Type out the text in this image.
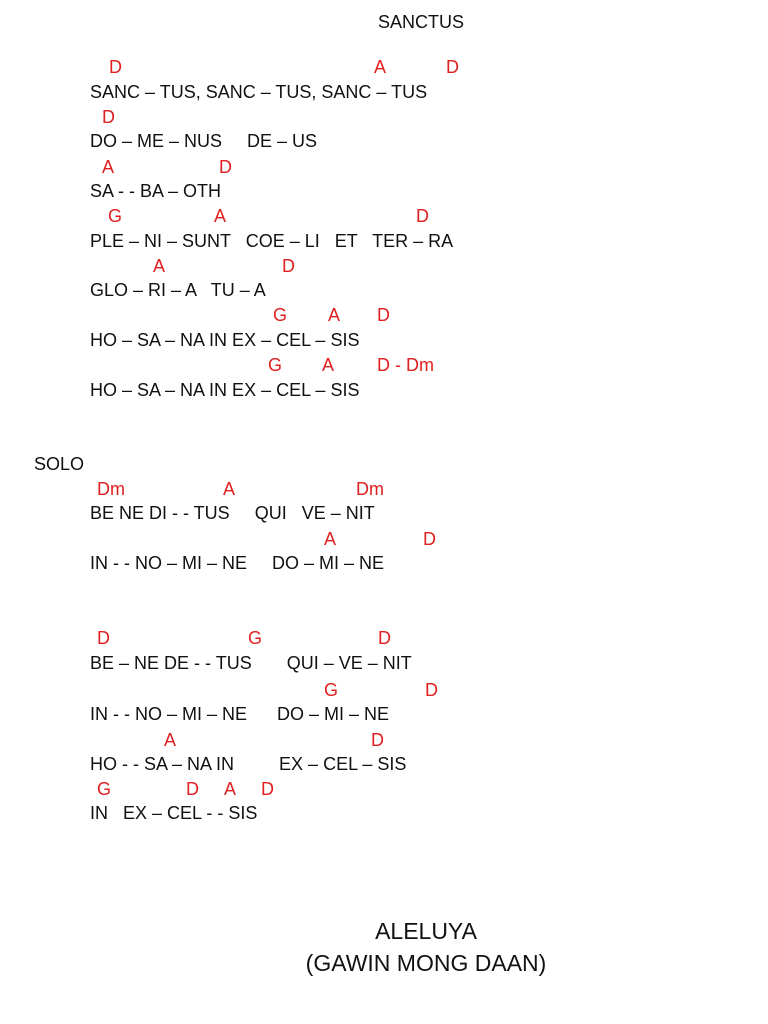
SANCTUS
D	A	D
SANC – TUS, SANC – TUS, SANC – TUS
D
DO – ME – NUS     DE – US
A	D
SA - - BA – OTH
G	A	D
PLE – NI – SUNT   COE – LI   ET   TER – RA
A	D
GLO – RI – A   TU – A
G A D
HO – SA – NA IN EX – CEL – SIS
G A D - Dm
HO – SA – NA IN EX – CEL – SIS
SOLO
Dm	A	Dm
BE NE DI - - TUS     QUI   VE – NIT
A	D
IN - - NO – MI – NE     DO – MI – NE
D	G	D
BE – NE DE - - TUS       QUI – VE – NIT
G	D
IN - - NO – MI – NE      DO – MI – NE
A	D
HO - - SA – NA IN         EX – CEL – SIS
G	D A D
IN   EX – CEL - - SIS
ALELUYA
(GAWIN MONG DAAN)
